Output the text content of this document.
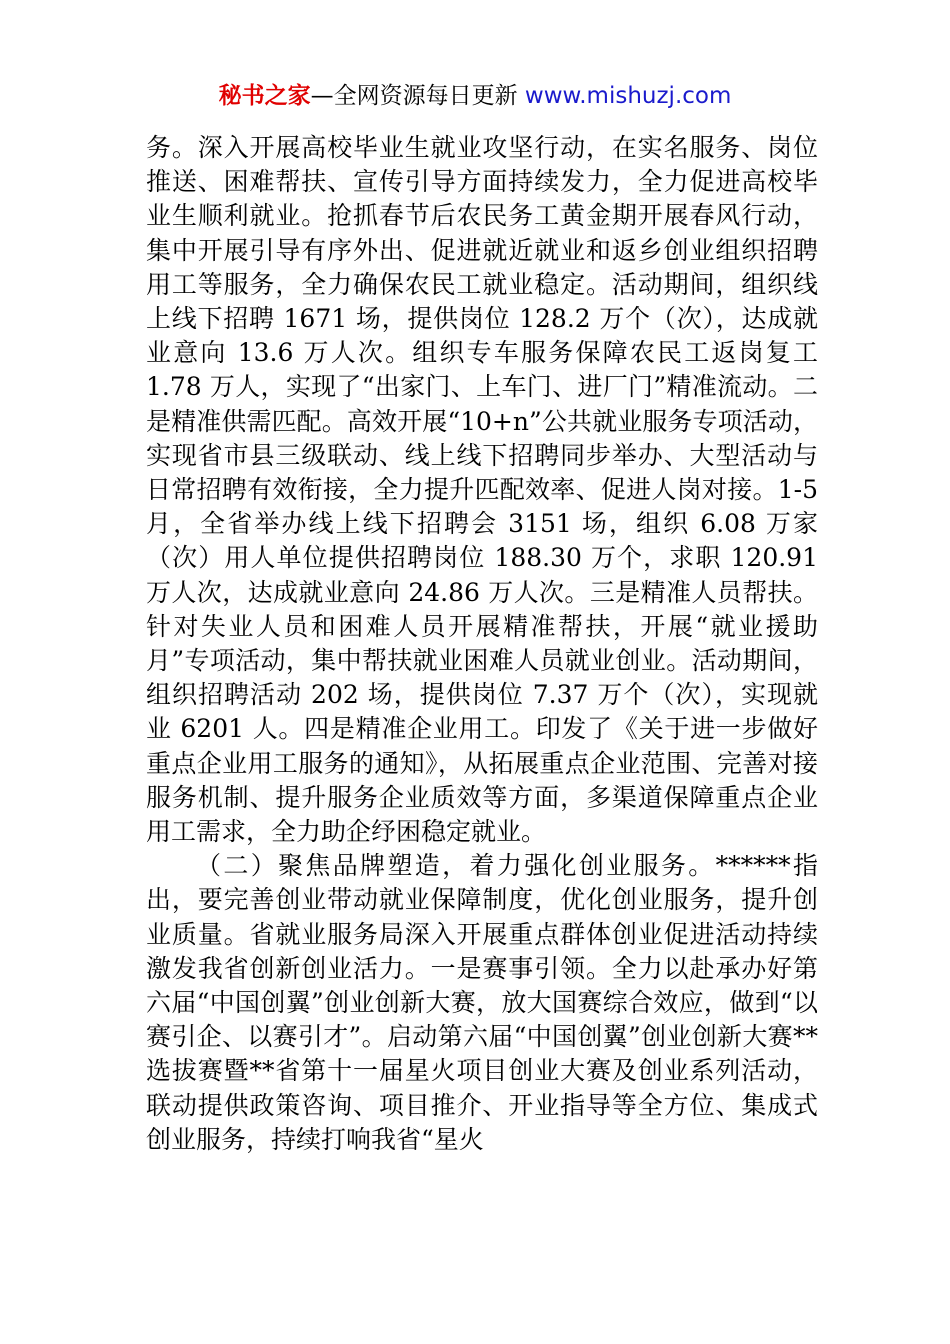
秘书之家—全网资源每日更新 www.mishuzj.com

务。深入开展高校毕业生就业攻坚行动，在实名服务、岗位推送、困难帮扶、宣传引导方面持续发力，全力促进高校毕业生顺利就业。抢抓春节后农民务工黄金期开展春风行动，集中开展引导有序外出、促进就近就业和返乡创业组织招聘用工等服务，全力确保农民工就业稳定。活动期间，组织线上线下招聘 1671 场，提供岗位 128.2 万个（次），达成就业意向 13.6 万人次。组织专车服务保障农民工返岗复工 1.78 万人，实现了“出家门、上车门、进厂门”精准流动。二是精准供需匹配。高效开展“10+n”公共就业服务专项活动，实现省市县三级联动、线上线下招聘同步举办、大型活动与日常招聘有效衔接，全力提升匹配效率、促进人岗对接。1-5 月，全省举办线上线下招聘会 3151 场，组织 6.08 万家（次）用人单位提供招聘岗位 188.30 万个，求职 120.91 万人次，达成就业意向 24.86 万人次。三是精准人员帮扶。针对失业人员和困难人员开展精准帮扶，开展“就业援助月”专项活动，集中帮扶就业困难人员就业创业。活动期间，组织招聘活动 202 场，提供岗位 7.37 万个（次），实现就业 6201 人。四是精准企业用工。印发了《关于进一步做好重点企业用工服务的通知》，从拓展重点企业范围、完善对接服务机制、提升服务企业质效等方面，多渠道保障重点企业用工需求，全力助企纾困稳定就业。

（二）聚焦品牌塑造，着力强化创业服务。******指出，要完善创业带动就业保障制度，优化创业服务，提升创业质量。省就业服务局深入开展重点群体创业促进活动持续激发我省创新创业活力。一是赛事引领。全力以赴承办好第六届“中国创翼”创业创新大赛，放大国赛综合效应，做到“以赛引企、以赛引才”。启动第六届“中国创翼”创业创新大赛**选拔赛暨**省第十一届星火项目创业大赛及创业系列活动，联动提供政策咨询、项目推介、开业指导等全方位、集成式创业服务，持续打响我省“星火
